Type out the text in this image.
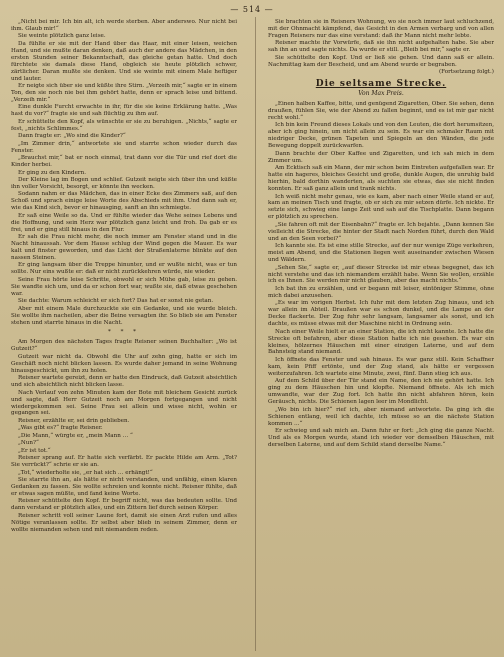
— 514 —

„Nicht bei mir. Ich bin alt, ich werde sterben. Aber anderswo. Nur nicht bei ihm. Glaub mir!“

Sie weinte plötzlich ganz leise.

Da fühlte er sie mit der Hand über das Haar, mit einer leisen, weichen Hand, und sie mußte daran denken, daß auch der andere das Mädchen, in den ersten Stunden seiner Bekanntschaft, das gleiche getan hatte. Und doch fürchtete sie damals diese Hand, obgleich sie heute plötzlich schwer, zärtlicher. Daran mußte sie denken. Und sie weinte mit einem Male heftiger und lauter.

Er neigte sich über sie und küßte ihre Stirn. „Verzeih mir,“ sagte er in einem Ton, den sie noch nie bei ihm gehört hatte, denn er sprach leise und bittend. „Verzeih mir.“

Eine dunkle Furcht erwachte in ihr, für die sie keine Erklärung hatte. „Was hast du vor?“ fragte sie und sah flüchtig zu ihm auf.

Er schüttelte den Kopf, als wünschte er sie zu beruhigen. „Nichts,“ sagte er fest, „nichts Schlimmes.“

Dann fragte er: „Wo sind die Kinder?“

„Im Zimmer drin,“ antwortete sie und starrte schon wieder durch das Fenster.

„Brauchst mir,“ bat er noch einmal, trat dann vor die Tür und rief dort die Kinder herbei.

Er ging zu den Kindern.

Der Kleine lag im Bogen und schlief. Gutzeit neigte sich über ihn und küßte ihn voller Vorsicht, besorgt, er könnte ihn wecken.

Sodann nahm er das Mädchen, das in einer Ecke des Zimmers saß, auf den Schoß und sprach einige leise Worte des Abschieds mit ihm. Und dann sah er, wie das Kind sich, bevor er hinausging, sanft an ihn schmiegte.

Er saß eine Weile so da. Und er fühlte wieder das Wehe seines Lebens und die Hoffnung, und sein Herz war plötzlich ganz leicht und froh. Da gab er es frei, und er ging still hinaus in den Flur.

Er sah die Frau nicht mehr, die noch immer am Fenster stand und in die Nacht hinaussah. Vor dem Hause schlug der Wind gegen die Mauer. Es war kalt und finster geworden, und das Licht der Straßenlaterne blinkte auf den nassen Steinen.

Er ging langsam über die Treppe hinunter, und er wußte nicht, was er tun sollte. Nur eins wußte er: daß er nicht zurückkehren würde, nie wieder.

Seine Frau hörte leise Schritte, obwohl er sich Mühe gab, leise zu gehen. Sie wandte sich um, und da er schon fort war, wußte sie, daß etwas geschehen war.

Sie dachte: Warum schleicht er sich fort? Das hat er sonst nie getan.

Aber mit einem Male durchzuckte sie ein Gedanke, und sie wurde bleich. Sie wollte ihm nacheilen, aber die Beine versagten ihr. So blieb sie am Fenster stehen und starrte hinaus in die Nacht.

* * *

Am Morgen des nächsten Tages fragte Reisner seinen Buchhalter: „Wo ist Gutzeit?“

Gutzeit war nicht da. Obwohl die Uhr auf zehn ging, hatte er sich im Geschäft noch nicht blicken lassen. Es wurde daher jemand in seine Wohnung hinausgeschickt, um ihn zu holen.

Reisner wartete gereizt, denn er hatte den Eindruck, daß Gutzeit absichtlich und sich absichtlich nicht blicken lasse.

Nach Verlauf von zehn Minuten kam der Bote mit bleichem Gesicht zurück und sagte, daß Herr Gutzeit noch am Morgen fortgegangen und nicht wiedergekommen sei. Seine Frau sei allein und wisse nicht, wohin er gegangen sei.

Reisner, erzählte er, sei drin geblieben.

„Was gibt es?“ fragte Reisner.

„Die Mann,“ würgte er, „mein Mann … “

„Nun?“

„Er ist tot.“

Reisner sprang auf. Er hatte sich verfärbt. Er packte Hilde am Arm. „Tot? Sie verrückt?“ schrie er sie an.

„Tot,“ wiederholte sie, „er hat sich … erhängt!“

Sie starrte ihn an, als hätte er nicht verstanden, und unfähig, einen klaren Gedanken zu fassen. Sie wollte schreien und konnte nicht. Reisner fühlte, daß er etwas sagen müßte, und fand keine Worte.

Reisner schüttelte den Kopf. Er begriff nicht, was das bedeuten sollte. Und dann verstand er plötzlich alles, und ein Zittern lief durch seinen Körper.

Reisner schritt voll seiner Laune fort, damit sie einen Arzt rufen und alles Nötige veranlassen sollte. Er selbst aber blieb in seinem Zimmer, denn er wollte niemanden sehen und mit niemandem reden.

Sie brachten sie in Reisners Wohnung, wo sie noch immer laut schluchzend, mit der Ohnmacht kämpfend, das Gesicht in den Armen verbarg und von allen Fragen Reisners nur das eine verstand: daß ihr Mann nicht mehr lebte.

Reisner machte ihr Vorwürfe, daß sie ihn nicht aufgehalten habe. Sie aber sah ihn an und sagte nichts. Da wurde er still. „Bleib bei mir,“ sagte er.

Sie schüttelte den Kopf. Und er ließ sie gehen. Und dann saß er allein. Nachmittag kam der Bescheid, und am Abend wurde er begraben.

(Fortsetzung folgt.)

Die seltsame Strecke.
Von Max Preis.

„Einen halben Kaffee, bitte, und genügend Zigaretten, Ober. Sie sehen, denn draußen, fühlen Sie, wie der Abend zu fallen beginnt, und es ist mir gar nicht recht wohl.“

Ich bin kein Freund dieses Lokals und von den Leuten, die dort herumsitzen, aber ich ging hinein, um nicht allein zu sein. Es war ein schmaler Raum mit niedriger Decke, grünen Tapeten und Spiegeln an den Wänden, die jede Bewegung doppelt zurückwarfen.

Dann brachte der Ober Kaffee und Zigaretten, und ich sah mich in dem Zimmer um.

Am Ecktisch saß ein Mann, der mir schon beim Eintreten aufgefallen war. Er hatte ein hageres, bleiches Gesicht und große, dunkle Augen, die unruhig bald hierhin, bald dorthin wanderten, als suchten sie etwas, das sie nicht finden konnten. Er saß ganz allein und trank nichts.

Ich weiß nicht mehr genau, wie es kam, aber nach einer Weile stand er auf, kam an meinen Tisch und fragte, ob er sich zu mir setzen dürfe. Ich nickte. Er setzte sich, schwieg eine lange Zeit und sah auf die Tischplatte. Dann begann er plötzlich zu sprechen.

„Sie fahren oft mit der Eisenbahn?“ fragte er. Ich bejahte. „Dann kennen Sie vielleicht die Strecke, die hinter der Stadt nach Norden führt, durch den Wald und an den Seen vorbei?“

Ich kannte sie. Es ist eine stille Strecke, auf der nur wenige Züge verkehren, meist am Abend, und die Stationen liegen weit auseinander zwischen Wiesen und Wäldern.

„Sehen Sie,“ sagte er, „auf dieser Strecke ist mir etwas begegnet, das ich nicht verstehe und das ich niemandem erzählt habe. Wenn Sie wollen, erzähle ich es Ihnen. Sie werden mir nicht glauben, aber das macht nichts.“

Ich bat ihn zu erzählen, und er begann mit leiser, eintöniger Stimme, ohne mich dabei anzusehen.

„Es war im vorigen Herbst. Ich fuhr mit dem letzten Zug hinaus, und ich war allein im Abteil. Draußen war es schon dunkel, und die Lampe an der Decke flackerte. Der Zug fuhr sehr langsam, langsamer als sonst, und ich dachte, es müsse etwas mit der Maschine nicht in Ordnung sein.

Nach einer Weile hielt er an einer Station, die ich nicht kannte. Ich hatte die Strecke oft befahren, aber diese Station hatte ich nie gesehen. Es war ein kleines, hölzernes Häuschen mit einer einzigen Laterne, und auf dem Bahnsteig stand niemand.

Ich öffnete das Fenster und sah hinaus. Es war ganz still. Kein Schaffner kam, kein Pfiff ertönte, und der Zug stand, als hätte er vergessen weiterzufahren. Ich wartete eine Minute, zwei, fünf. Dann stieg ich aus.

Auf dem Schild über der Tür stand ein Name, den ich nie gehört hatte. Ich ging zu dem Häuschen hin und klopfte. Niemand öffnete. Als ich mich umwandte, war der Zug fort. Ich hatte ihn nicht abfahren hören, kein Geräusch, nichts. Die Schienen lagen leer im Mondlicht.

„Wo bin ich hier?“ rief ich, aber niemand antwortete. Da ging ich die Schienen entlang, weil ich dachte, ich müsse so an die nächste Station kommen …“

Er schwieg und sah mich an. Dann fuhr er fort: „Ich ging die ganze Nacht. Und als es Morgen wurde, stand ich wieder vor demselben Häuschen, mit derselben Laterne, und auf dem Schild stand derselbe Name.“
